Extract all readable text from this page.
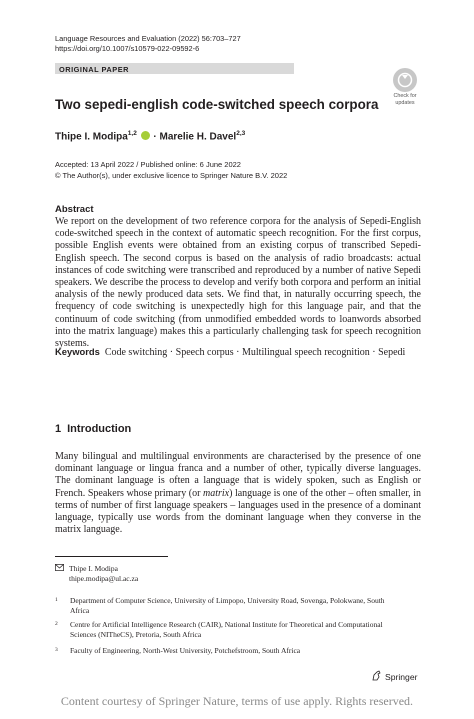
Language Resources and Evaluation (2022) 56:703–727
https://doi.org/10.1007/s10579-022-09592-6
ORIGINAL PAPER
Check for
updates
Two sepedi-english code-switched speech corpora
Thipe I. Modipa$^{1,2}$  · Marelie H. Davel$^{2,3}$
Accepted: 13 April 2022 / Published online: 6 June 2022
© The Author(s), under exclusive licence to Springer Nature B.V. 2022
Abstract

We report on the development of two reference corpora for the analysis of Sepedi-English code-switched speech in the context of automatic speech recognition. For the first corpus, possible English events were obtained from an existing corpus of transcribed Sepedi-English speech. The second corpus is based on the analysis of radio broadcasts: actual instances of code switching were transcribed and reproduced by a number of native Sepedi speakers. We describe the process to develop and verify both corpora and perform an initial analysis of the newly produced data sets. We find that, in naturally occurring speech, the frequency of code switching is unexpectedly high for this language pair, and that the continuum of code switching (from unmodified embedded words to loanwords absorbed into the matrix language) makes this a particularly challenging task for speech recognition systems.

Keywords Code switching · Speech corpus · Multilingual speech recognition · Sepedi
1 Introduction

Many bilingual and multilingual environments are characterised by the presence of one dominant language or lingua franca and a number of other, typically diverse languages. The dominant language is often a language that is widely spoken, such as English or French. Speakers whose primary (or matrix) language is one of the other – often smaller, in terms of number of first language speakers – languages used in the presence of a dominant language, typically use words from the dominant language when they converse in the matrix language.

Thipe I. Modipa
thipe.modipa@ul.ac.za
1 Department of Computer Science, University of Limpopo, University Road, Sovenga, Polokwane, South Africa
2 Centre for Artificial Intelligence Research (CAIR), National Institute for Theoretical and Computational Sciences (NITheCS), Pretoria, South Africa
3 Faculty of Engineering, North-West University, Potchefstroom, South Africa
Springer
Content courtesy of Springer Nature, terms of use apply. Rights reserved.
